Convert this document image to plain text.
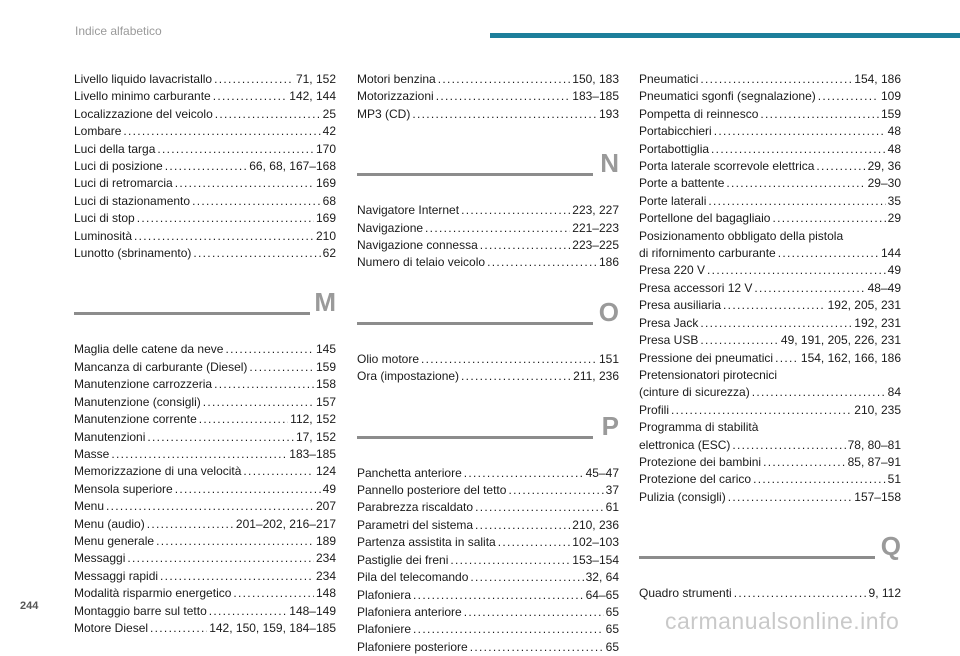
Indice alfabetico
Livello liquido lavacristallo .....	71, 152
Livello minimo carburante .....	142, 144
Localizzazione del veicolo .....	25
Lombare .....	42
Luci della targa .....	170
Luci di posizione .....	66, 68, 167–168
Luci di retromarcia .....	169
Luci di stazionamento .....	68
Luci di stop .....	169
Luminosità .....	210
Lunotto (sbrinamento) .....	62
M
Maglia delle catene da neve .....	145
Mancanza di carburante (Diesel) .....	159
Manutenzione carrozzeria .....	158
Manutenzione (consigli) .....	157
Manutenzione corrente .....	112, 152
Manutenzioni .....	17, 152
Masse .....	183–185
Memorizzazione di una velocità .....	124
Mensola superiore .....	49
Menu .....	207
Menu (audio) .....	201–202, 216–217
Menu generale .....	189
Messaggi .....	234
Messaggi rapidi .....	234
Modalità risparmio energetico .....	148
Montaggio barre sul tetto .....	148–149
Motore Diesel .....	142, 150, 159, 184–185
Motori benzina .....	150, 183
Motorizzazioni .....	183–185
MP3 (CD) .....	193
N
Navigatore Internet .....	223, 227
Navigazione .....	221–223
Navigazione connessa .....	223–225
Numero di telaio veicolo .....	186
O
Olio motore .....	151
Ora (impostazione) .....	211, 236
P
Panchetta anteriore .....	45–47
Pannello posteriore del tetto .....	37
Parabrezza riscaldato .....	61
Parametri del sistema .....	210, 236
Partenza assistita in salita .....	102–103
Pastiglie dei freni .....	153–154
Pila del telecomando .....	32, 64
Plafoniera .....	64–65
Plafoniera anteriore .....	65
Plafoniere .....	65
Plafoniere posteriore .....	65
Pneumatici .....	154, 186
Pneumatici sgonfi (segnalazione) .....	109
Pompetta di reinnesco .....	159
Portabicchieri .....	48
Portabottiglia .....	48
Porta laterale scorrevole elettrica .....	29, 36
Porte a battente .....	29–30
Porte laterali .....	35
Portellone del bagagliaio .....	29
Posizionamento obbligato della pistola
di rifornimento carburante .....	144
Presa 220 V .....	49
Presa accessori 12 V .....	48–49
Presa ausiliaria .....	192, 205, 231
Presa Jack .....	192, 231
Presa USB .....	49, 191, 205, 226, 231
Pressione dei pneumatici ..... 154, 162, 166, 186
Pretensionatori pirotecnici
(cinture di sicurezza) .....	84
Profili .....	210, 235
Programma di stabilità
elettronica (ESC) .....	78, 80–81
Protezione dei bambini .....	85, 87–91
Protezione del carico .....	51
Pulizia (consigli) .....	157–158
Q
Quadro strumenti .....	9, 112
244
carmanualsonline.info
